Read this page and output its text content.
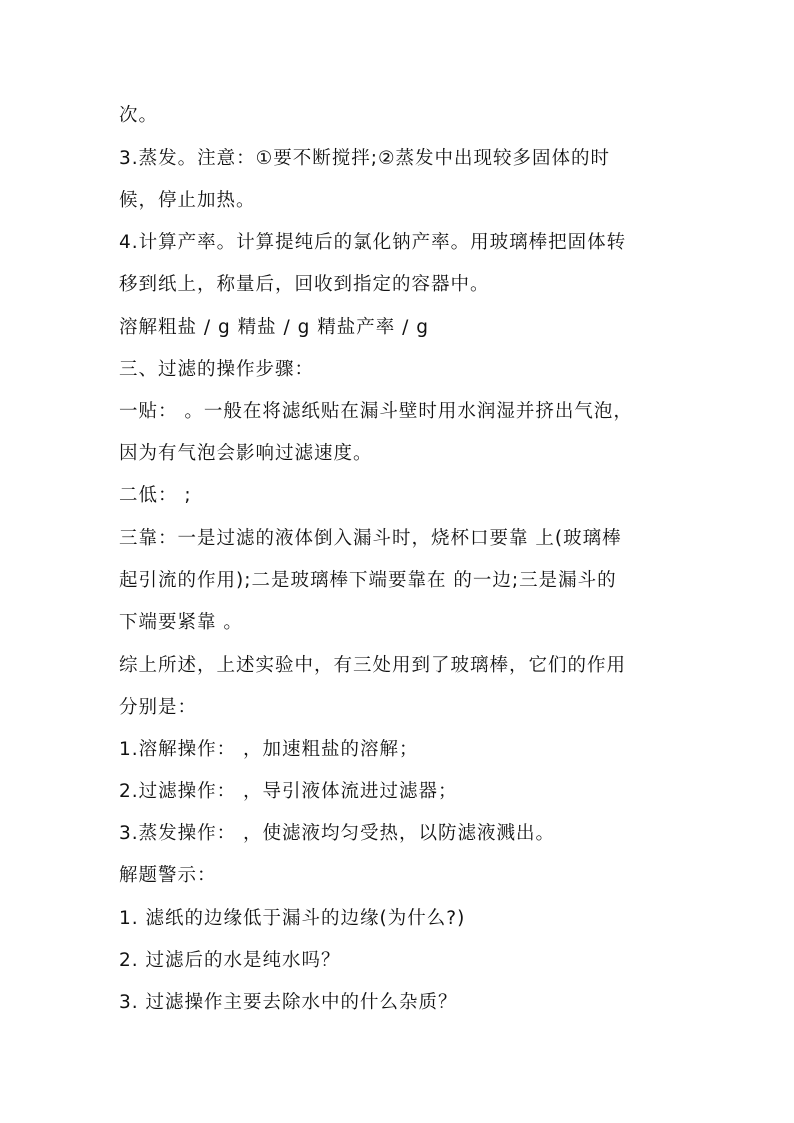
次。
3.蒸发。注意：①要不断搅拌;②蒸发中出现较多固体的时
候，停止加热。
4.计算产率。计算提纯后的氯化钠产率。用玻璃棒把固体转
移到纸上，称量后，回收到指定的容器中。
溶解粗盐 / g 精盐 / g 精盐产率 / g
三、过滤的操作步骤：
一贴： 。一般在将滤纸贴在漏斗壁时用水润湿并挤出气泡，
因为有气泡会影响过滤速度。
二低： ;
三靠：一是过滤的液体倒入漏斗时，烧杯口要靠 上(玻璃棒
起引流的作用);二是玻璃棒下端要靠在 的一边;三是漏斗的
下端要紧靠 。
综上所述，上述实验中，有三处用到了玻璃棒，它们的作用
分别是：
1.溶解操作： ，加速粗盐的溶解；
2.过滤操作： ，导引液体流进过滤器；
3.蒸发操作： ，使滤液均匀受热，以防滤液溅出。
解题警示：
1. 滤纸的边缘低于漏斗的边缘(为什么?)
2. 过滤后的水是纯水吗？
3. 过滤操作主要去除水中的什么杂质？
